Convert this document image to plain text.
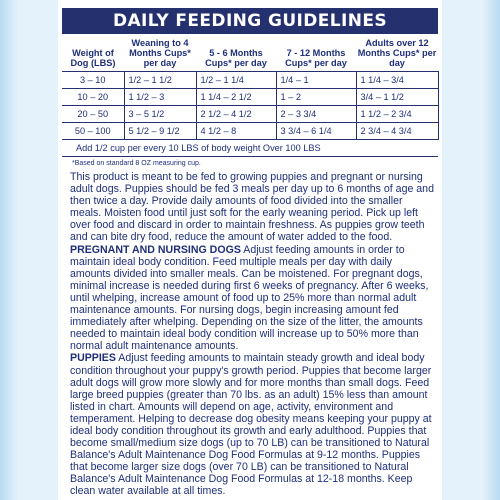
DAILY FEEDING GUIDELINES
Weight of Dog (LBS)	Weaning to 4 Months Cups* per day	5 - 6 Months Cups* per day	7 - 12 Months Cups* per day	Adults over 12 Months Cups* per day
3 – 10	1/2 – 1 1/2	1/2 – 1 1/4	1/4 – 1	1 1/4 – 3/4
10 – 20	1 1/2 – 3	1 1/4 – 2 1/2	1 – 2	3/4 – 1 1/2
20 – 50	3 – 5 1/2	2 1/2 – 4 1/2	2 – 3 3/4	1 1/2 – 2 3/4
50 – 100	5 1/2 – 9 1/2	4 1/2 – 8	3 3/4 – 6 1/4	2 3/4 – 4 3/4
Add 1/2 cup per every 10 LBS of body weight Over 100 LBS				
*Based on standard 8 OZ measuring cup.
This product is meant to be fed to growing puppies and pregnant or nursing adult dogs. Puppies should be fed 3 meals per day up to 6 months of age and then twice a day. Provide daily amounts of food divided into the smaller meals. Moisten food until just soft for the early weaning period. Pick up left over food and discard in order to maintain freshness. As puppies grow teeth and can bite dry food, reduce the amount of water added to the food.
PREGNANT AND NURSING DOGS Adjust feeding amounts in order to maintain ideal body condition. Feed multiple meals per day with daily amounts divided into smaller meals. Can be moistened. For pregnant dogs, minimal increase is needed during first 6 weeks of pregnancy. After 6 weeks, until whelping, increase amount of food up to 25% more than normal adult maintenance amounts. For nursing dogs, begin increasing amount fed immediately after whelping. Depending on the size of the litter, the amounts needed to maintain ideal body condition will increase up to 50% more than normal adult maintenance amounts.
PUPPIES Adjust feeding amounts to maintain steady growth and ideal body condition throughout your puppy's growth period. Puppies that become larger adult dogs will grow more slowly and for more months than small dogs. Feed large breed puppies (greater than 70 lbs. as an adult) 15% less than amount listed in chart. Amounts will depend on age, activity, environment and temperament. Helping to decrease dog obesity means keeping your puppy at ideal body condition throughout its growth and early adulthood. Puppies that become small/medium size dogs (up to 70 LB) can be transitioned to Natural Balance's Adult Maintenance Dog Food Formulas at 9-12 months. Puppies that become larger size dogs (over 70 LB) can be transitioned to Natural Balance's Adult Maintenance Dog Food Formulas at 12-18 months. Keep clean water available at all times.
